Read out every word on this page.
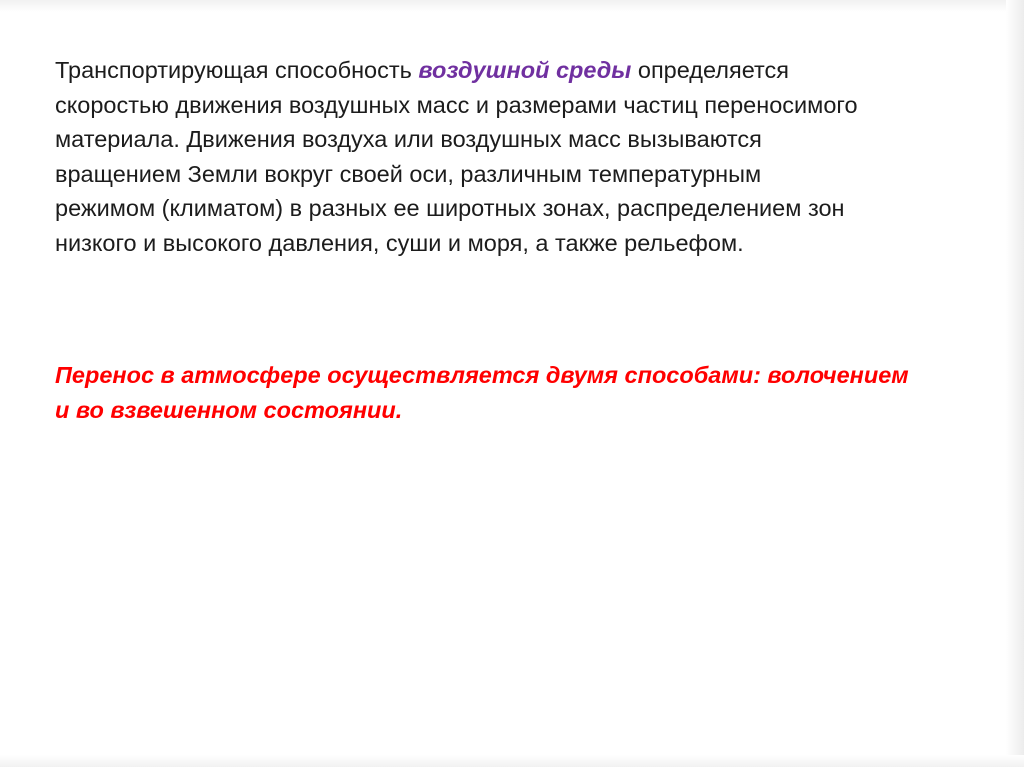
Транспортирующая способность воздушной среды определяется
скоростью движения воздушных масс и размерами частиц переносимого
материала. Движения воздуха или воздушных масс вызываются
вращением Земли вокруг своей оси, различным температурным
режимом (климатом) в разных ее широтных зонах, распределением зон
низкого и высокого давления, суши и моря, а также рельефом.

Перенос в атмосфере осуществляется двумя способами: волочением
и во взвешенном состоянии.
